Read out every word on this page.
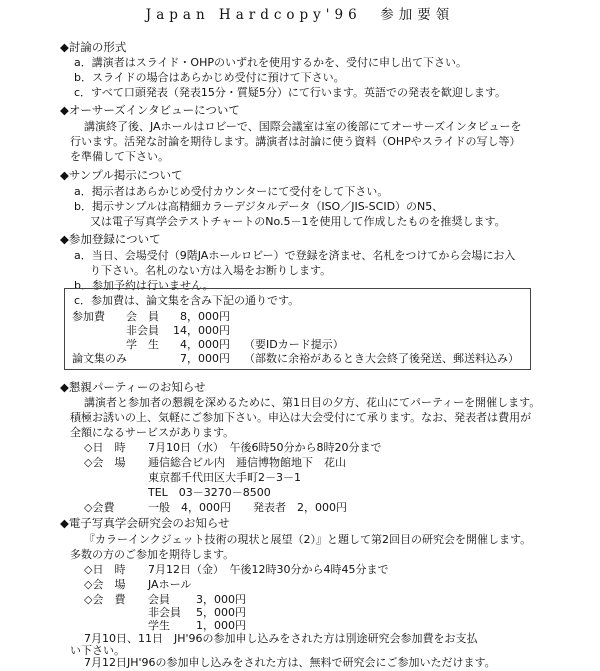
Japan Hardcopy'96　参加要領
◆討論の形式
a．講演者はスライド・OHPのいずれを使用するかを、受付に申し出て下さい。
b．スライドの場合はあらかじめ受付に預けて下さい。
c．すべて口頭発表（発表15分・質疑5分）にて行います。英語での発表を歓迎します。
◆オーサーズインタビューについて
講演終了後、JAホールはロビーで、国際会議室は室の後部にてオーサーズインタビューを
行います。活発な討論を期待します。講演者は討論に使う資料（OHPやスライドの写し等）
を準備して下さい。
◆サンプル掲示について
a．掲示者はあらかじめ受付カウンターにて受付をして下さい。
b．掲示サンプルは高精細カラーデジタルデータ（ISO／JIS-SCID）のN5、
又は電子写真学会テストチャートのNo.5－1を使用して作成したものを推奨します。
◆参加登録について
a．当日、会場受付（9階JAホールロビー）で登録を済ませ、名札をつけてから会場にお入
り下さい。名札のない方は入場をお断りします。
b．参加予約は行いません。
c．参加費は、論文集を含み下記の通りです。
参加費 会　員 8，000円
非会員 14，000円
学　生 4，000円 （要IDカード提示）
論文集のみ	7，000円 （部数に余裕があるとき大会終了後発送、郵送料込み）
◆懇親パーティーのお知らせ
講演者と参加者の懇親を深めるために、第1日目の夕方、花山にてパーティーを開催します。
積極お誘いの上、気軽にご参加下さい。申込は大会受付にて承ります。なお、発表者は費用が
全額になるサービスがあります。
◇日　時 7月10日（水）　午後6時50分から8時20分まで
◇会　場 逓信総合ビル内　逓信博物館地下　花山
東京都千代田区大手町2－3－1
TEL　03－3270－8500
◇会費	一般　4，000円　　発表者　2，000円
◆電子写真学会研究会のお知らせ
『カラーインクジェット技術の現状と展望（2）』と題して第2回目の研究会を開催します。
多数の方のご参加を期待します。
◇日　時 7月12日（金）　午後12時30分から4時45分まで
◇会　場 JAホール
◇会　費 会員 3，000円
非会員 5，000円
学生 1，000円
7月10日、11日　JH'96の参加申し込みをされた方は別途研究会参加費をお支払
い下さい。
7月12日JH'96の参加申し込みをされた方は、無料で研究会にご参加いただけます。
